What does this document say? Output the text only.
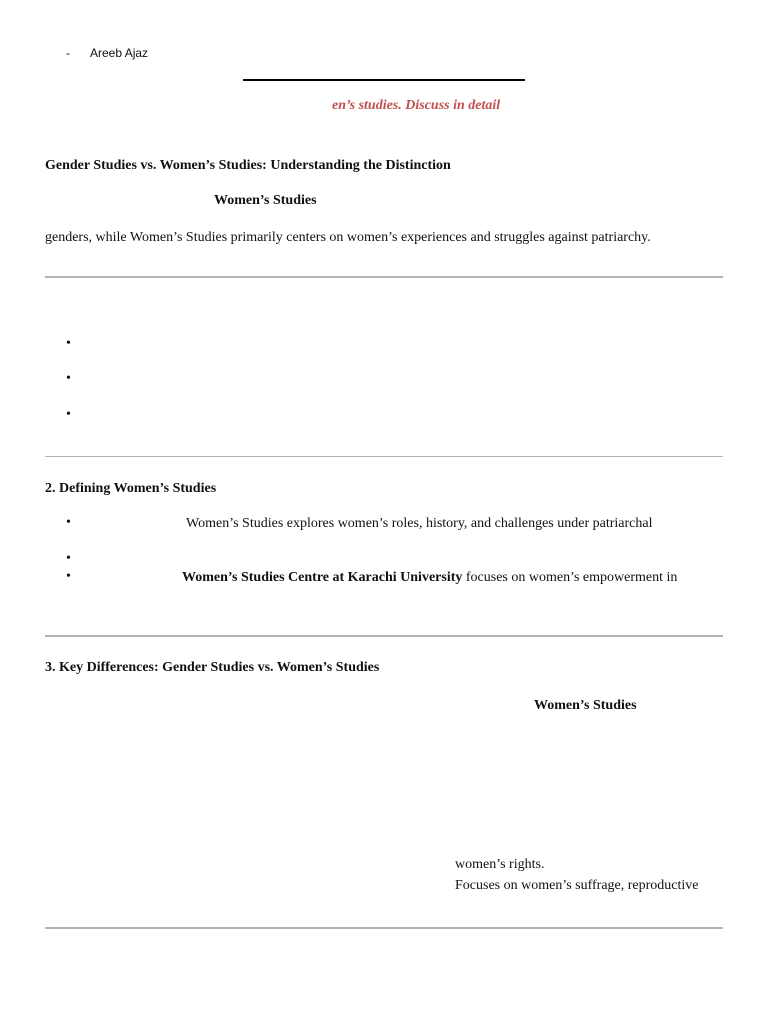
- Areeb Ajaz
en’s studies. Discuss in detail
Gender Studies vs. Women’s Studies: Understanding the Distinction
Women’s Studies
genders, while Women’s Studies primarily centers on women’s experiences and struggles against patriarchy.
•
•
•
2. Defining Women’s Studies
•	Women’s Studies explores women’s roles, history, and challenges under patriarchal
•
•	Women’s Studies Centre at Karachi University focuses on women’s empowerment in
3. Key Differences: Gender Studies vs. Women’s Studies
Women’s Studies
women’s rights.
Focuses on women’s suffrage, reproductive
